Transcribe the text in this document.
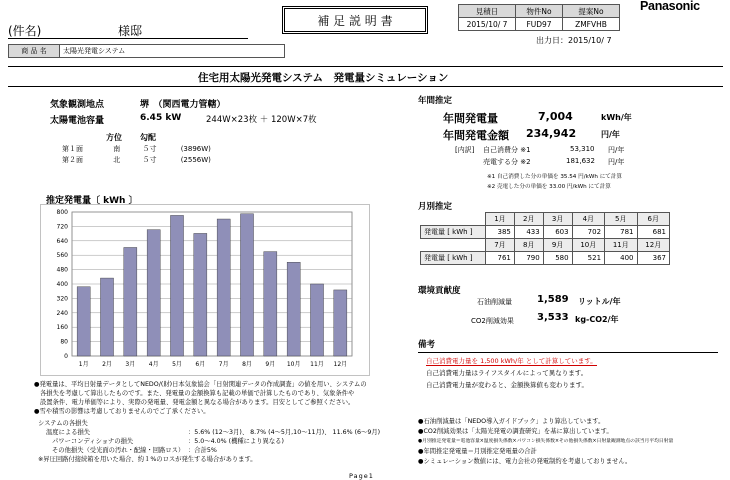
(件名)	様邸
商 品 名	太陽光発電システム
補 足 説 明 書
見積日	物件No	提案No
2015/10/ 7	FUD97	ZMFVHB
出力日：2015/10/ 7
Panasonic
住宅用太陽光発電システム　発電量シミュレーション
気象観測地点	堺　（関西電力管轄）
太陽電池容量	6.45 kW	244W×23枚 ＋ 120W×7枚
方位 勾配
第１面	南	５寸	(3896W)
第２面	北	５寸	(2556W)
推定発電量〔 kWh 〕
0
80
160
240
320
400
480
560
640
720
800
1月 2月 3月 4月 5月 6月 7月 8月 9月 10月 11月 12月
年間推定
年間発電量	7,004	kWh/年
年間発電金額 234,942	円/年
[内訳] 自己消費分 ※1	53,310 円/年
売電する分 ※2	181,632 円/年
※1 自己消費した分の単価を 35.54 円/kWh にて計算
※2 売電した分の単価を 33.00 円/kWh にて計算
月別推定
	1月	2月	3月	4月	5月	6月
発電量 [ kWh ]	385	433	603	702	781	681
	7月	8月	9月	10月	11月	12月
発電量 [ kWh ]	761	790	580	521	400	367
環境貢献度
石油削減量	1,589 リットル/年
CO2削減効果 3,533 kg-CO2/年
備考
自己消費電力量を 1,500 kWh/年 として計算しています。
自己消費電力量はライフスタイルによって異なります。
自己消費電力量が変わると、金額換算値も変わります。
●発電量は、平均日射量データとしてNEDO/(財)日本気象協会「日射関連データの作成調査」の値を用い、システムの
各損失を考慮して算出したものです。また、発電量の金額換算も記載の単価で計算したものであり、気象条件や
設置条件、電力単価等により、実際の発電量、発電金額と異なる場合があります。目安としてご参照ください。
●雪や積雪の影響は考慮しておりませんのでご了承ください。
システムの各損失
温度による損失	：5.6% (12〜3月)、 8.7% (4〜5月,10〜11月)、 11.6% (6〜9月)
パワーコンディショナの損失	：5.0〜4.0% (機種により異なる)
その他損失（受光面の汚れ・配線・回路ロス） ：合計5%
※昇圧回路付接続箱を用いた場合、約１%のロスが発生する場合があります。
●石油削減量は「NEDO導入ガイドブック」より算出しています。
●CO2削減効果は「太陽光発電の調査研究」を基に算出しています。
●月別推定発電量＝電池容量×温度損失係数×パワコン損失係数×その他損失係数×日射量観測地点の該当月平均日射量
●年間推定発電量＝月別推定発電量の合計
●シミュレーション数値には、電力会社の発電制約を考慮しておりません。
Page1
